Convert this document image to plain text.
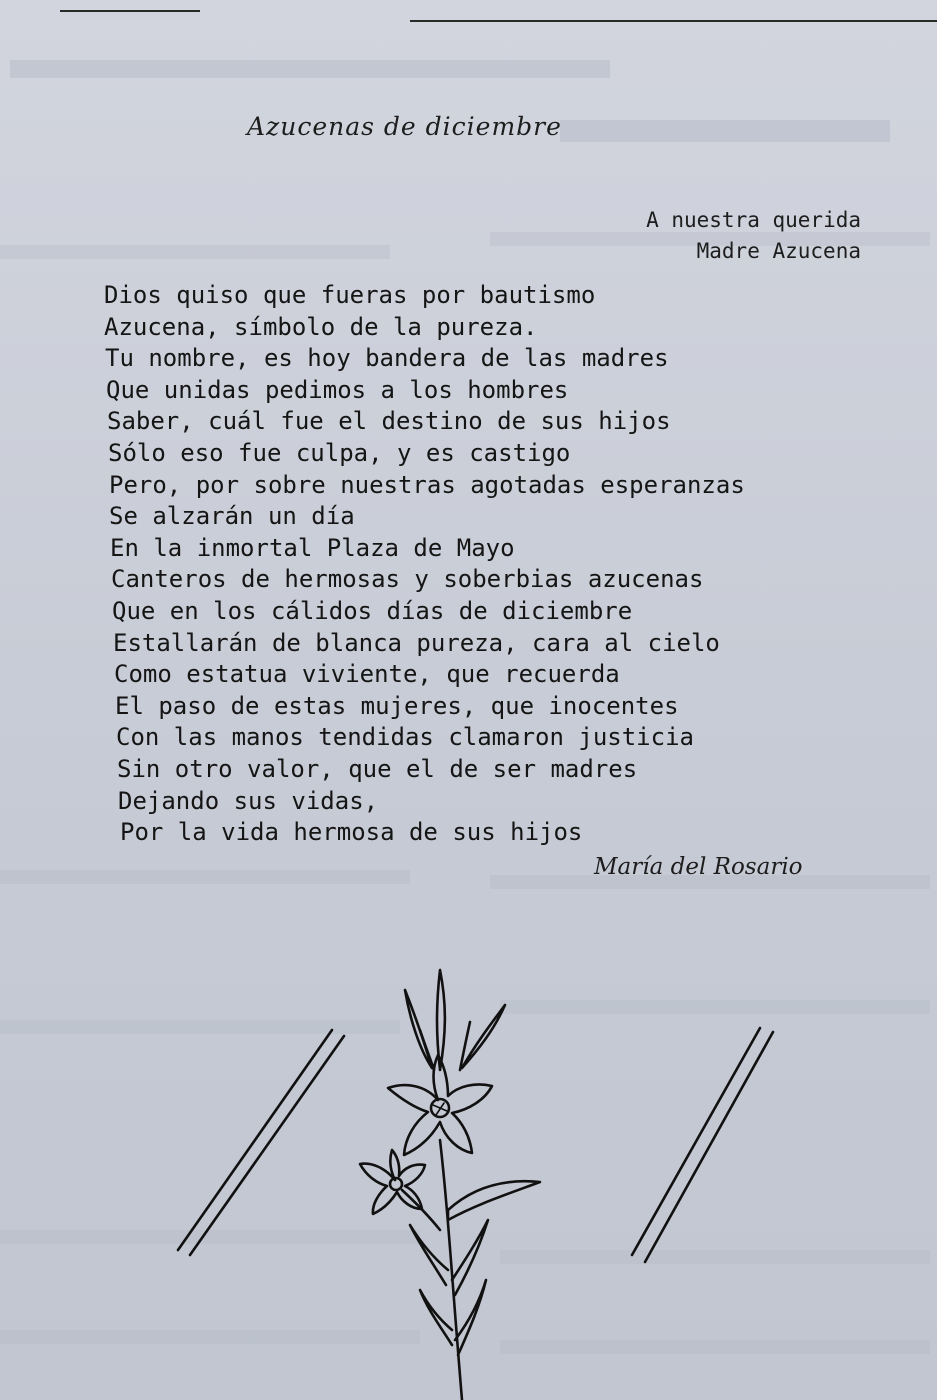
Azucenas de diciembre
A nuestra querida
Madre Azucena
Dios quiso que fueras por bautismo
Azucena, símbolo de la pureza.
Tu nombre, es hoy bandera de las madres
Que unidas pedimos a los hombres
Saber, cuál fue el destino de sus hijos
Sólo eso fue culpa, y es castigo
Pero, por sobre nuestras agotadas esperanzas
Se alzarán un día
En la inmortal Plaza de Mayo
Canteros de hermosas y soberbias azucenas
Que en los cálidos días de diciembre
Estallarán de blanca pureza, cara al cielo
Como estatua viviente, que recuerda
El paso de estas mujeres, que inocentes
Con las manos tendidas clamaron justicia
Sin otro valor, que el de ser madres
Dejando sus vidas,
Por la vida hermosa de sus hijos
María del Rosario
